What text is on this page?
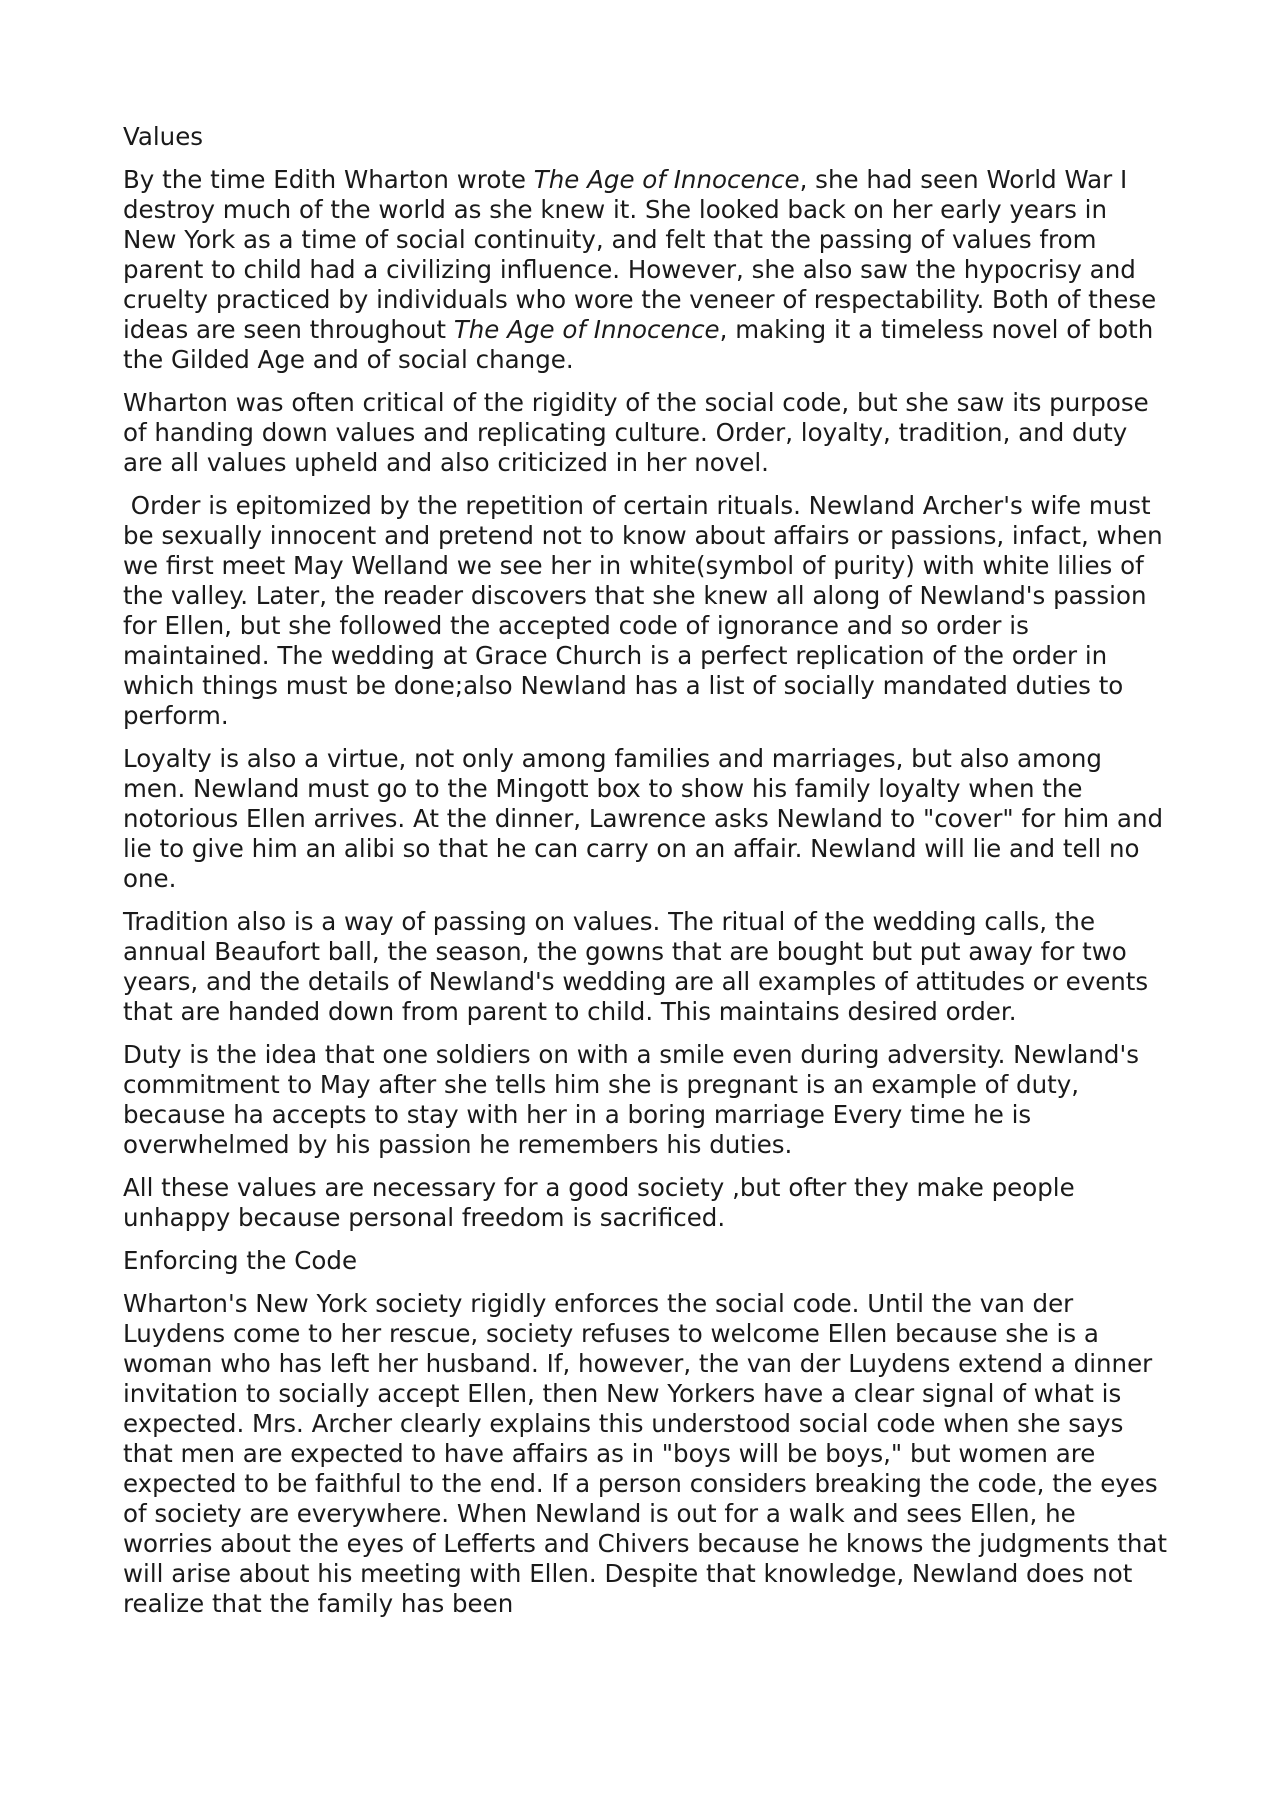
Values

By the time Edith Wharton wrote The Age of Innocence, she had seen World War I destroy much of the world as she knew it. She looked back on her early years in New York as a time of social continuity, and felt that the passing of values from parent to child had a civilizing influence. However, she also saw the hypocrisy and cruelty practiced by individuals who wore the veneer of respectability. Both of these ideas are seen throughout The Age of Innocence, making it a timeless novel of both the Gilded Age and of social change.

Wharton was often critical of the rigidity of the social code, but she saw its purpose of handing down values and replicating culture. Order, loyalty, tradition, and duty are all values upheld and also criticized in her novel.

Order is epitomized by the repetition of certain rituals. Newland Archer's wife must be sexually innocent and pretend not to know about affairs or passions, infact, when we first meet May Welland we see her in white(symbol of purity) with white lilies of the valley. Later, the reader discovers that she knew all along of Newland's passion for Ellen, but she followed the accepted code of ignorance and so order is maintained. The wedding at Grace Church is a perfect replication of the order in which things must be done;also Newland has a list of socially mandated duties to perform.

Loyalty is also a virtue, not only among families and marriages, but also among men. Newland must go to the Mingott box to show his family loyalty when the notorious Ellen arrives. At the dinner, Lawrence asks Newland to "cover" for him and lie to give him an alibi so that he can carry on an affair. Newland will lie and tell no one.

Tradition also is a way of passing on values. The ritual of the wedding calls, the annual Beaufort ball, the season, the gowns that are bought but put away for two years, and the details of Newland's wedding are all examples of attitudes or events that are handed down from parent to child. This maintains desired order.

Duty is the idea that one soldiers on with a smile even during adversity. Newland's commitment to May after she tells him she is pregnant is an example of duty, because ha accepts to stay with her in a boring marriage Every time he is overwhelmed by his passion he remembers his duties.

All these values are necessary for a good society ,but ofter they make people unhappy because personal freedom is sacrificed.

Enforcing the Code

Wharton's New York society rigidly enforces the social code. Until the van der Luydens come to her rescue, society refuses to welcome Ellen because she is a woman who has left her husband. If, however, the van der Luydens extend a dinner invitation to socially accept Ellen, then New Yorkers have a clear signal of what is expected. Mrs. Archer clearly explains this understood social code when she says that men are expected to have affairs as in "boys will be boys," but women are expected to be faithful to the end. If a person considers breaking the code, the eyes of society are everywhere. When Newland is out for a walk and sees Ellen, he worries about the eyes of Lefferts and Chivers because he knows the judgments that will arise about his meeting with Ellen. Despite that knowledge, Newland does not realize that the family has been
